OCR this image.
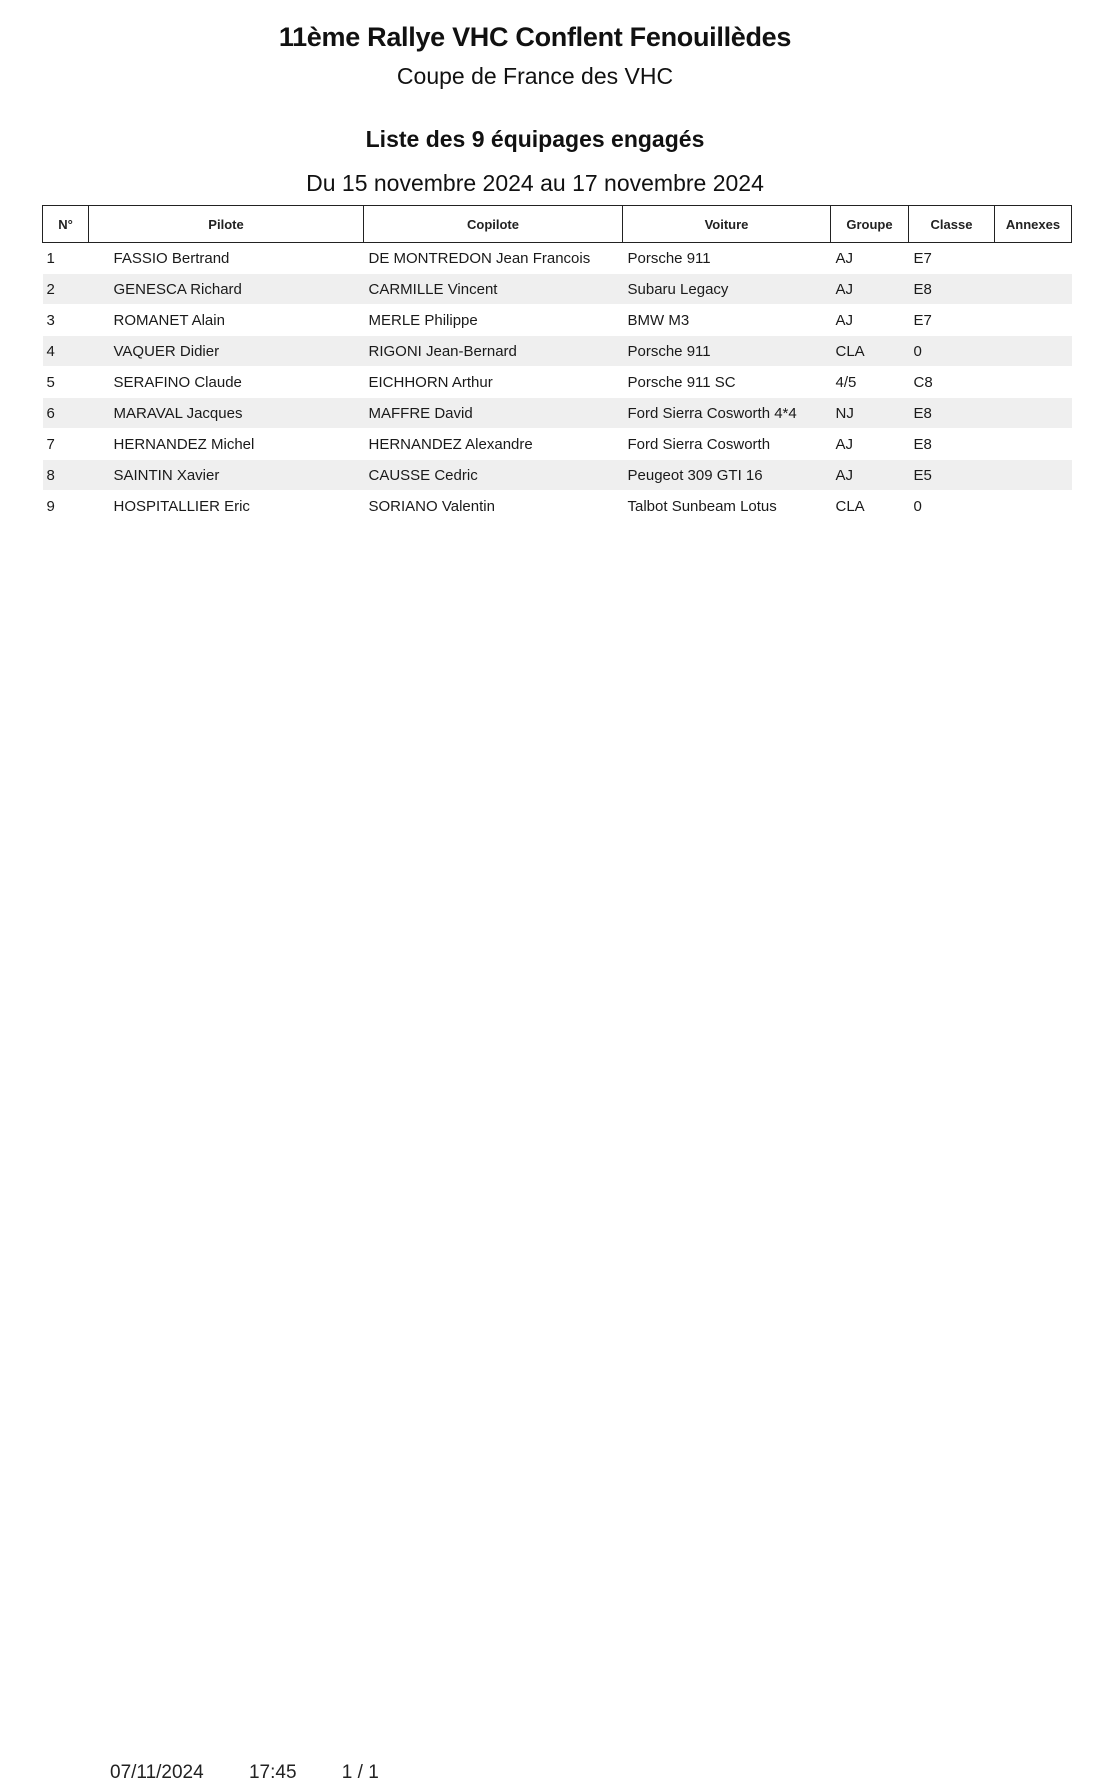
11ème Rallye VHC Conflent Fenouillèdes
Coupe de France des VHC
Liste des 9 équipages engagés
Du 15 novembre 2024 au 17 novembre 2024
N°	Pilote	Copilote	Voiture	Groupe	Classe	Annexes
1	FASSIO Bertrand	DE MONTREDON Jean Francois	Porsche 911	AJ	E7	
2	GENESCA Richard	CARMILLE Vincent	Subaru Legacy	AJ	E8	
3	ROMANET Alain	MERLE Philippe	BMW M3	AJ	E7	
4	VAQUER Didier	RIGONI Jean-Bernard	Porsche 911	CLA	0	
5	SERAFINO Claude	EICHHORN Arthur	Porsche 911 SC	4/5	C8	
6	MARAVAL Jacques	MAFFRE David	Ford Sierra Cosworth 4*4	NJ	E8	
7	HERNANDEZ Michel	HERNANDEZ Alexandre	Ford Sierra Cosworth	AJ	E8	
8	SAINTIN Xavier	CAUSSE Cedric	Peugeot 309 GTI 16	AJ	E5	
9	HOSPITALLIER Eric	SORIANO Valentin	Talbot Sunbeam Lotus	CLA	0	
07/11/2024 17:45 1 / 1
